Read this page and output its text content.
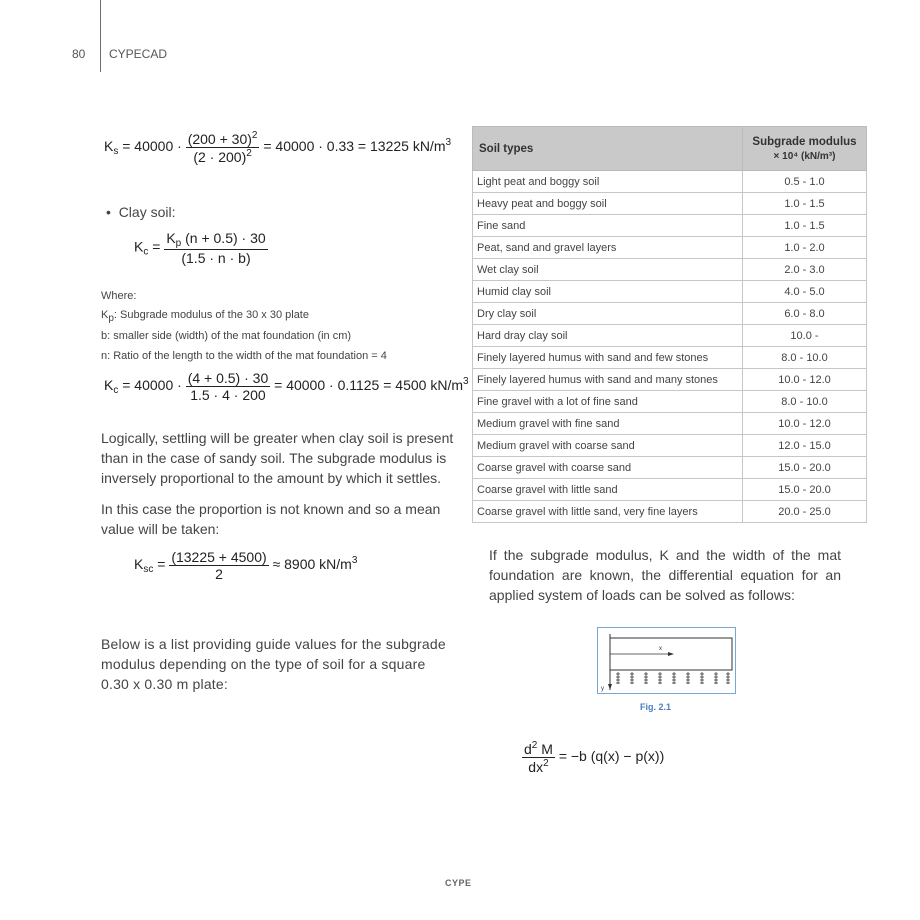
80 CYPECAD
$K_s = 40000 \cdot \frac{(200 + 30)^2}{(2 \cdot 200)^2} = 40000 \cdot 0.33 = 13225$ $kN/m^3$
• Clay soil:
$K_c = \frac{K_p (n + 0.5) \cdot 30}{(1.5 \cdot n \cdot b)}$
Where:
Kp: Subgrade modulus of the 30 x 30 plate
b: smaller side (width) of the mat foundation (in cm)
n: Ratio of the length to the width of the mat foundation = 4
$K_c = 40000 \cdot \frac{(4 + 0.5) \cdot 30}{1.5 \cdot 4 \cdot 200} = 40000 \cdot 0.1125 = 4500$ $kN/m^3$
Logically, settling will be greater when clay soil is present than in the case of sandy soil. The subgrade modulus is inversely proportional to the amount by which it settles.
In this case the proportion is not known and so a mean value will be taken:
$K_{sc} = \frac{(13225 + 4500)}{2} \approx 8900$ $kN/m^3$
Below is a list providing guide values for the subgrade modulus depending on the type of soil for a square 0.30 x 0.30 m plate:
Soil types	Subgrade modulus
× 10⁴ (kN/m³)

Light peat and boggy soil	0.5 - 1.0
Heavy peat and boggy soil	1.0 - 1.5
Fine sand	1.0 - 1.5
Peat, sand and gravel layers	1.0 - 2.0
Wet clay soil	2.0 - 3.0
Humid clay soil	4.0 - 5.0
Dry clay soil	6.0 - 8.0
Hard dray clay soil	10.0 -
Finely layered humus with sand and few stones	8.0 - 10.0
Finely layered humus with sand and many stones	10.0 - 12.0
Fine gravel with a lot of fine sand	8.0 - 10.0
Medium gravel with fine sand	10.0 - 12.0
Medium gravel with coarse sand	12.0 - 15.0
Coarse gravel with coarse sand	15.0 - 20.0
Coarse gravel with little sand	15.0 - 20.0
Coarse gravel with little sand, very fine layers	20.0 - 25.0
If the subgrade modulus, K and the width of the mat foundation are known, the differential equation for an applied system of loads can be solved as follows:
x
y
Fig. 2.1
$\frac{d^2 M}{dx^2} = -b$ (q(x) − p(x))
CYPE
